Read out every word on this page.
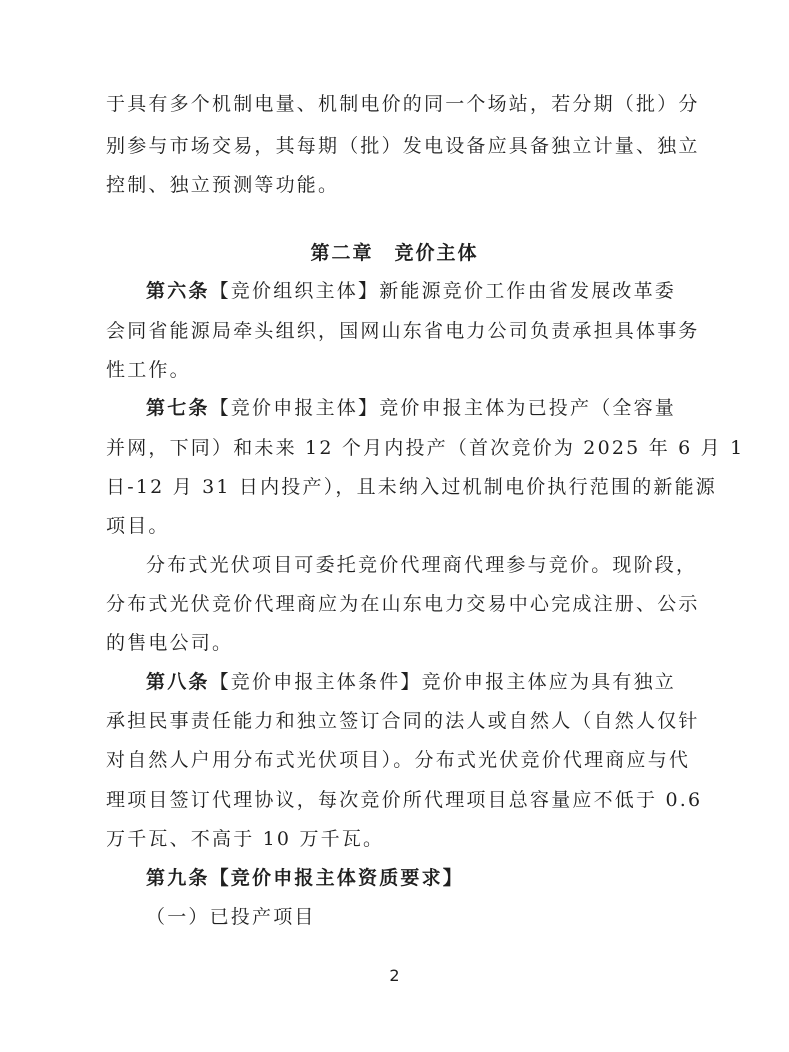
于具有多个机制电量、机制电价的同一个场站，若分期（批）分
别参与市场交易，其每期（批）发电设备应具备独立计量、独立
控制、独立预测等功能。
第二章　竞价主体
第六条【竞价组织主体】新能源竞价工作由省发展改革委
会同省能源局牵头组织，国网山东省电力公司负责承担具体事务
性工作。
第七条【竞价申报主体】竞价申报主体为已投产（全容量
并网，下同）和未来 12 个月内投产（首次竞价为 2025 年 6 月 1
日-12 月 31 日内投产），且未纳入过机制电价执行范围的新能源
项目。
分布式光伏项目可委托竞价代理商代理参与竞价。现阶段，
分布式光伏竞价代理商应为在山东电力交易中心完成注册、公示
的售电公司。
第八条【竞价申报主体条件】竞价申报主体应为具有独立
承担民事责任能力和独立签订合同的法人或自然人（自然人仅针
对自然人户用分布式光伏项目）。分布式光伏竞价代理商应与代
理项目签订代理协议，每次竞价所代理项目总容量应不低于 0.6
万千瓦、不高于 10 万千瓦。
第九条【竞价申报主体资质要求】
（一）已投产项目
2
